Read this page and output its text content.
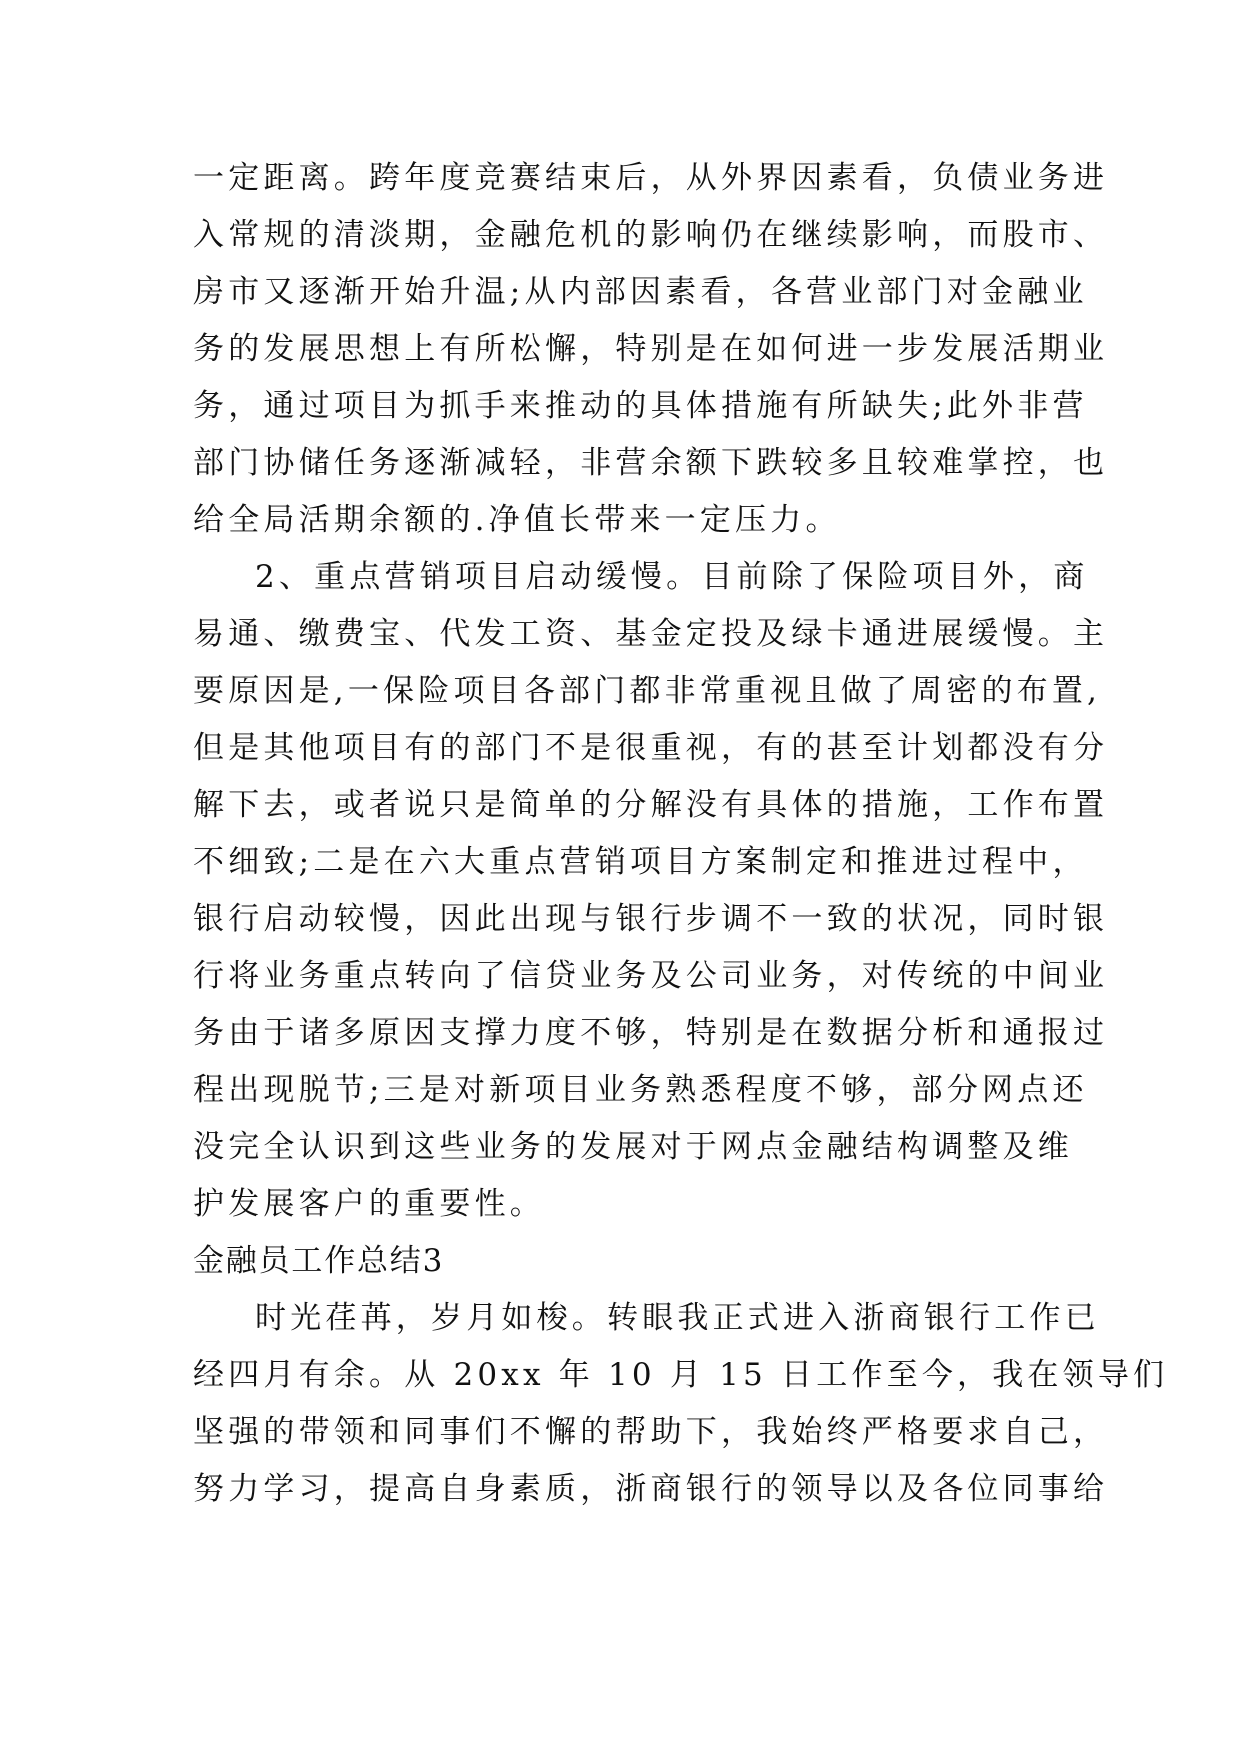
一定距离。跨年度竞赛结束后，从外界因素看，负债业务进
入常规的清淡期，金融危机的影响仍在继续影响，而股市、
房市又逐渐开始升温;从内部因素看，各营业部门对金融业
务的发展思想上有所松懈，特别是在如何进一步发展活期业
务，通过项目为抓手来推动的具体措施有所缺失;此外非营
部门协储任务逐渐减轻，非营余额下跌较多且较难掌控，也
给全局活期余额的.净值长带来一定压力。
2、重点营销项目启动缓慢。目前除了保险项目外，商
易通、缴费宝、代发工资、基金定投及绿卡通进展缓慢。主
要原因是,一保险项目各部门都非常重视且做了周密的布置,
但是其他项目有的部门不是很重视，有的甚至计划都没有分
解下去，或者说只是简单的分解没有具体的措施，工作布置
不细致;二是在六大重点营销项目方案制定和推进过程中，
银行启动较慢，因此出现与银行步调不一致的状况，同时银
行将业务重点转向了信贷业务及公司业务，对传统的中间业
务由于诸多原因支撑力度不够，特别是在数据分析和通报过
程出现脱节;三是对新项目业务熟悉程度不够，部分网点还
没完全认识到这些业务的发展对于网点金融结构调整及维
护发展客户的重要性。
金融员工作总结3
时光荏苒，岁月如梭。转眼我正式进入浙商银行工作已
经四月有余。从 20xx 年 10 月 15 日工作至今，我在领导们
坚强的带领和同事们不懈的帮助下，我始终严格要求自己，
努力学习，提高自身素质，浙商银行的领导以及各位同事给
